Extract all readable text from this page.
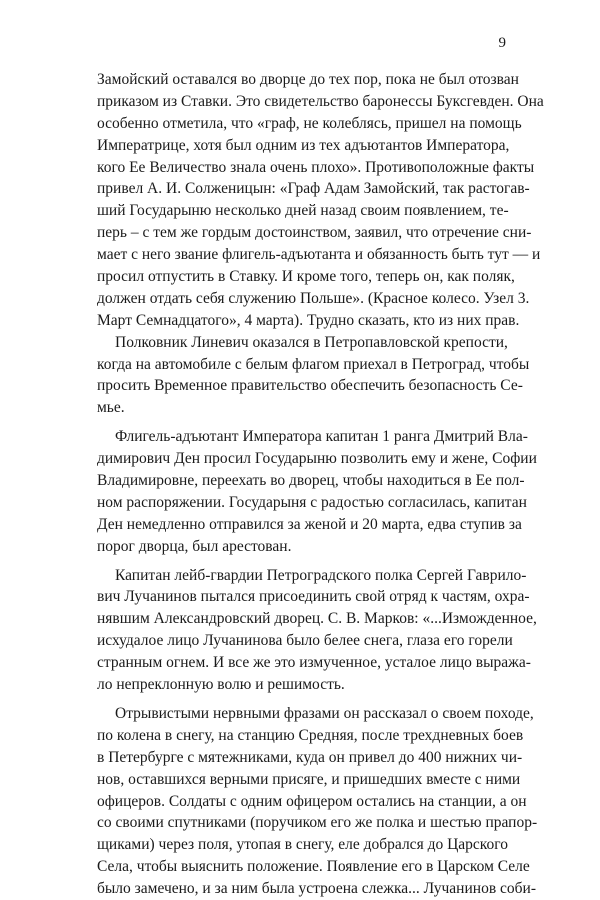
9
Замойский оставался во дворце до тех пор, пока не был отозван
приказом из Ставки. Это свидетельство баронессы Буксгевден. Она
особенно отметила, что «граф, не колеблясь, пришел на помощь
Императрице, хотя был одним из тех адъютантов Императора,
кого Ее Величество знала очень плохо». Противоположные факты
привел А. И. Солженицын: «Граф Адам Замойский, так растогав-
ший Государыню несколько дней назад своим появлением, те-
перь – с тем же гордым достоинством, заявил, что отречение сни-
мает с него звание флигель-адъютанта и обязанность быть тут — и
просил отпустить в Ставку. И кроме того, теперь он, как поляк,
должен отдать себя служению Польше». (Красное колесо. Узел 3.
Март Семнадцатого», 4 марта). Трудно сказать, кто из них прав.
Полковник Линевич оказался в Петропавловской крепости,
когда на автомобиле с белым флагом приехал в Петроград, чтобы
просить Временное правительство обеспечить безопасность Се-
мье.
Флигель-адъютант Императора капитан 1 ранга Дмитрий Вла-
димирович Ден просил Государыню позволить ему и жене, Софии
Владимировне, переехать во дворец, чтобы находиться в Ее пол-
ном распоряжении. Государыня с радостью согласилась, капитан
Ден немедленно отправился за женой и 20 марта, едва ступив за
порог дворца, был арестован.
Капитан лейб-гвардии Петроградского полка Сергей Гаврило-
вич Лучанинов пытался присоединить свой отряд к частям, охра-
нявшим Александровский дворец. С. В. Марков: «...Изможденное,
исхудалое лицо Лучанинова было белее снега, глаза его горели
странным огнем. И все же это измученное, усталое лицо выража-
ло непреклонную волю и решимость.
Отрывистыми нервными фразами он рассказал о своем походе,
по колена в снегу, на станцию Средняя, после трехдневных боев
в Петербурге с мятежниками, куда он привел до 400 нижних чи-
нов, оставшихся верными присяге, и пришедших вместе с ними
офицеров. Солдаты с одним офицером остались на станции, а он
со своими спутниками (поручиком его же полка и шестью прапор-
щиками) через поля, утопая в снегу, еле добрался до Царского
Села, чтобы выяснить положение. Появление его в Царском Селе
было замечено, и за ним была устроена слежка... Лучанинов соби-
